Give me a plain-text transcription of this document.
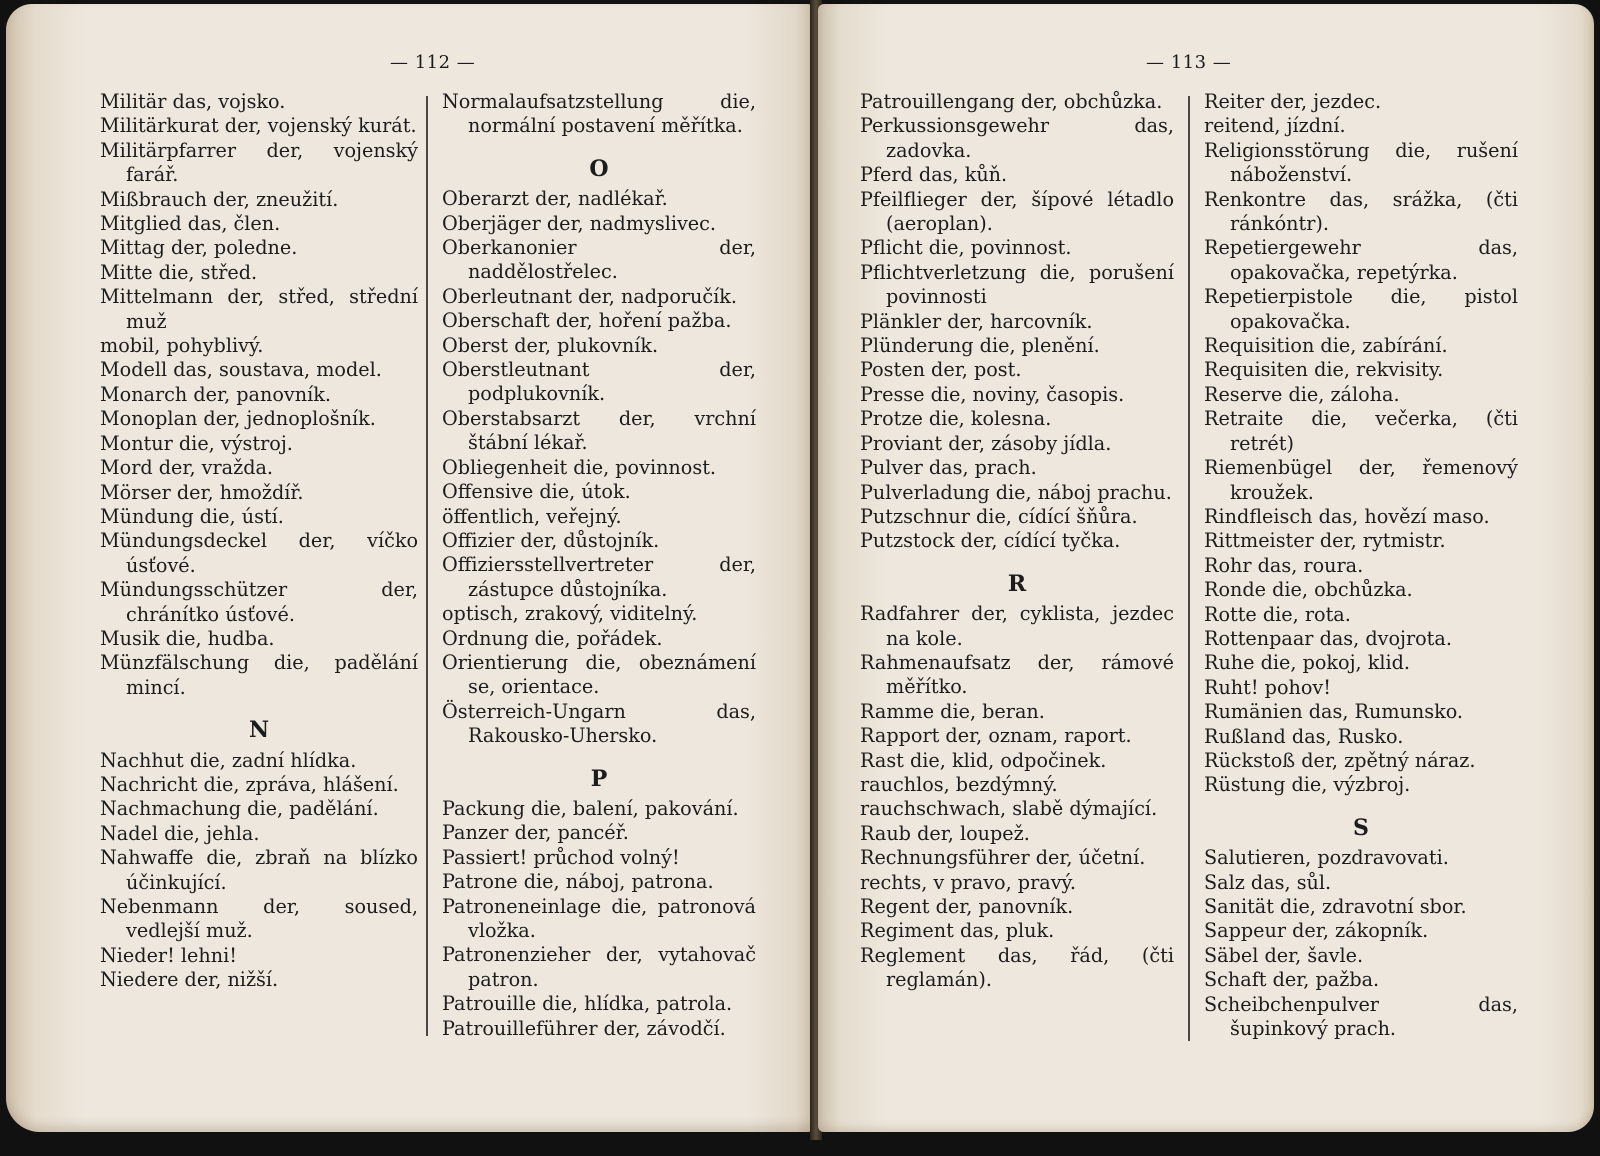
— 112 —

Militär das, vojsko.

Militärkurat der, vojenský kurát.

Militärpfarrer der, vojenský farář.

Mißbrauch der, zneužití.

Mitglied das, člen.

Mittag der, poledne.

Mitte die, střed.

Mittelmann der, střed, střední muž

mobil, pohyblivý.

Modell das, soustava, model.

Monarch der, panovník.

Monoplan der, jednoplošník.

Montur die, výstroj.

Mord der, vražda.

Mörser der, hmoždíř.

Mündung die, ústí.

Mündungsdeckel der, víčko úsťové.

Mündungsschützer der, chránítko úsťové.

Musik die, hudba.

Münzfälschung die, padělání mincí.

N

Nachhut die, zadní hlídka.

Nachricht die, zpráva, hlášení.

Nachmachung die, padělání.

Nadel die, jehla.

Nahwaffe die, zbraň na blízko účinkující.

Nebenmann der, soused, vedlejší muž.

Nieder! lehni!

Niedere der, nižší.

Normalaufsatzstellung die, normální postavení měřítka.

O

Oberarzt der, nadlékař.

Oberjäger der, nadmyslivec.

Oberkanonier der, naddělostřelec.

Oberleutnant der, nadporučík.

Oberschaft der, hoření pažba.

Oberst der, plukovník.

Oberstleutnant der, podplukovník.

Oberstabsarzt der, vrchní štábní lékař.

Obliegenheit die, povinnost.

Offensive die, útok.

öffentlich, veřejný.

Offizier der, důstojník.

Offiziersstellvertreter der, zástupce důstojníka.

optisch, zrakový, viditelný.

Ordnung die, pořádek.

Orientierung die, obeznámení se, orientace.

Österreich-Ungarn das, Rakousko-Uhersko.

P

Packung die, balení, pakování.

Panzer der, pancéř.

Passiert! průchod volný!

Patrone die, náboj, patrona.

Patroneneinlage die, patronová vložka.

Patronenzieher der, vytahovač patron.

Patrouille die, hlídka, patrola.

Patrouilleführer der, závodčí.

— 113 —

Patrouillengang der, obchůzka.

Perkussionsgewehr das, zadovka.

Pferd das, kůň.

Pfeilflieger der, šípové létadlo (aeroplan).

Pflicht die, povinnost.

Pflichtverletzung die, porušení povinnosti

Plänkler der, harcovník.

Plünderung die, plenění.

Posten der, post.

Presse die, noviny, časopis.

Protze die, kolesna.

Proviant der, zásoby jídla.

Pulver das, prach.

Pulverladung die, náboj prachu.

Putzschnur die, cídící šňůra.

Putzstock der, cídící tyčka.

R

Radfahrer der, cyklista, jezdec na kole.

Rahmenaufsatz der, rámové měřítko.

Ramme die, beran.

Rapport der, oznam, raport.

Rast die, klid, odpočinek.

rauchlos, bezdýmný.

rauchschwach, slabě dýmající.

Raub der, loupež.

Rechnungsführer der, účetní.

rechts, v pravo, pravý.

Regent der, panovník.

Regiment das, pluk.

Reglement das, řád, (čti reglamán).

Reiter der, jezdec.

reitend, jízdní.

Religionsstörung die, rušení náboženství.

Renkontre das, srážka, (čti ránkóntr).

Repetiergewehr das, opakovačka, repetýrka.

Repetierpistole die, pistol opakovačka.

Requisition die, zabírání.

Requisiten die, rekvisity.

Reserve die, záloha.

Retraite die, večerka, (čti retrét)

Riemenbügel der, řemenový kroužek.

Rindfleisch das, hovězí maso.

Rittmeister der, rytmistr.

Rohr das, roura.

Ronde die, obchůzka.

Rotte die, rota.

Rottenpaar das, dvojrota.

Ruhe die, pokoj, klid.

Ruht! pohov!

Rumänien das, Rumunsko.

Rußland das, Rusko.

Rückstoß der, zpětný náraz.

Rüstung die, výzbroj.

S

Salutieren, pozdravovati.

Salz das, sůl.

Sanität die, zdravotní sbor.

Sappeur der, zákopník.

Säbel der, šavle.

Schaft der, pažba.

Scheibchenpulver das, šupinkový prach.
